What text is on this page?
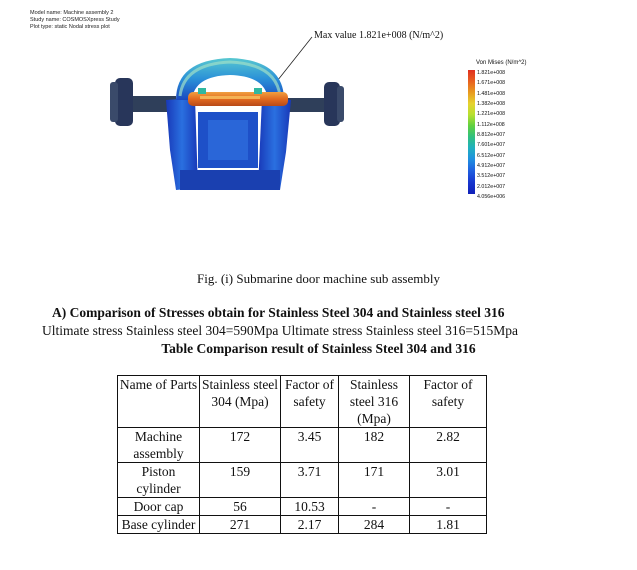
Model name: Machine assembly 2
Study name: COSMOSXpress Study
Plot type: static Nodal stress plot
Max value 1.821e+008 (N/m^2)
Von Mises (N/m^2)
1.821e+008
1.671e+008
1.481e+008
1.382e+008
1.221e+008
1.112e+008
8.812e+007
7.601e+007
6.512e+007
4.912e+007
3.512e+007
2.012e+007
4.056e+006
Fig. (i) Submarine door machine sub assembly
A) Comparison of Stresses obtain for Stainless Steel 304 and Stainless steel 316
Ultimate stress Stainless steel 304=590Mpa Ultimate stress Stainless steel 316=515Mpa
Table Comparison result of Stainless Steel 304 and 316
Name of Parts	Stainless steel 304 (Mpa)	Factor of safety	Stainless steel 316 (Mpa)	Factor of safety
Machine assembly	172	3.45	182	2.82
Piston cylinder	159	3.71	171	3.01
Door cap	56	10.53	-	-
Base cylinder	271	2.17	284	1.81
